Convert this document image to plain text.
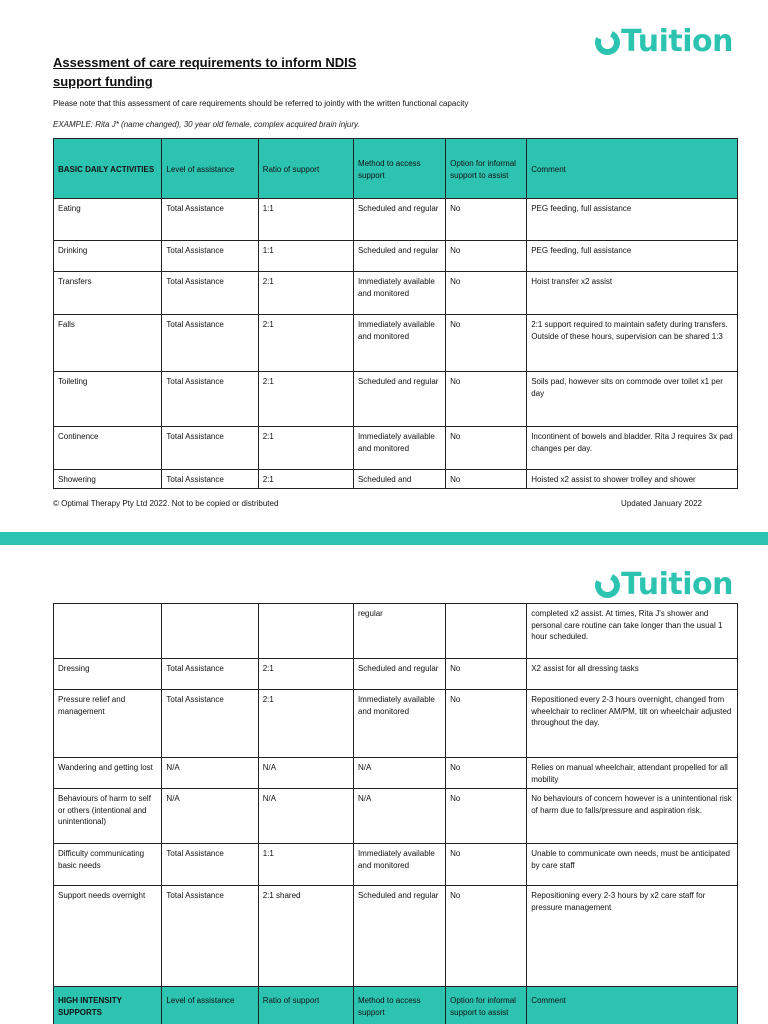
Tuition
Assessment of care requirements to inform NDIS support funding
Please note that this assessment of care requirements should be referred to jointly with the written functional capacity
EXAMPLE: Rita J* (name changed), 30 year old female, complex acquired brain injury.
BASIC DAILY ACTIVITIES	Level of assistance	Ratio of support	Method to access support	Option for informal support to assist	Comment
Eating	Total Assistance	1:1	Scheduled and regular	No	PEG feeding, full assistance
Drinking	Total Assistance	1:1	Scheduled and regular	No	PEG feeding, full assistance
Transfers	Total Assistance	2:1	Immediately available and monitored	No	Hoist transfer x2 assist
Falls	Total Assistance	2:1	Immediately available and monitored	No	2:1 support required to maintain safety during transfers.
Outside of these hours, supervision can be shared 1:3
Toileting	Total Assistance	2:1	Scheduled and regular	No	Soils pad, however sits on commode over toilet x1 per day
Continence	Total Assistance	2:1	Immediately available and monitored	No	Incontinent of bowels and bladder. Rita J requires 3x pad changes per day.
Showering	Total Assistance	2:1	Scheduled and	No	Hoisted x2 assist to shower trolley and shower
© Optimal Therapy Pty Ltd 2022. Not to be copied or distributed	Updated January 2022
Tuition
			regular		completed x2 assist. At times, Rita J's shower and personal care routine can take longer than the usual 1 hour scheduled.
Dressing	Total Assistance	2:1	Scheduled and regular	No	X2 assist for all dressing tasks
Pressure relief and management	Total Assistance	2:1	Immediately available and monitored	No	Repositioned every 2-3 hours overnight, changed from wheelchair to recliner AM/PM, tilt on wheelchair adjusted throughout the day.
Wandering and getting lost	N/A	N/A	N/A	No	Relies on manual wheelchair, attendant propelled for all mobility
Behaviours of harm to self or others (intentional and unintentional)	N/A	N/A	N/A	No	No behaviours of concern however is a unintentional risk of harm due to falls/pressure and aspiration risk.
Difficulty communicating basic needs	Total Assistance	1:1	Immediately available and monitored	No	Unable to communicate own needs, must be anticipated by care staff
Support needs overnight	Total Assistance	2:1 shared	Scheduled and regular	No	Repositioning every 2-3 hours by x2 care staff for pressure management
HIGH INTENSITY SUPPORTS	Level of assistance	Ratio of support	Method to access support	Option for informal support to assist	Comment
